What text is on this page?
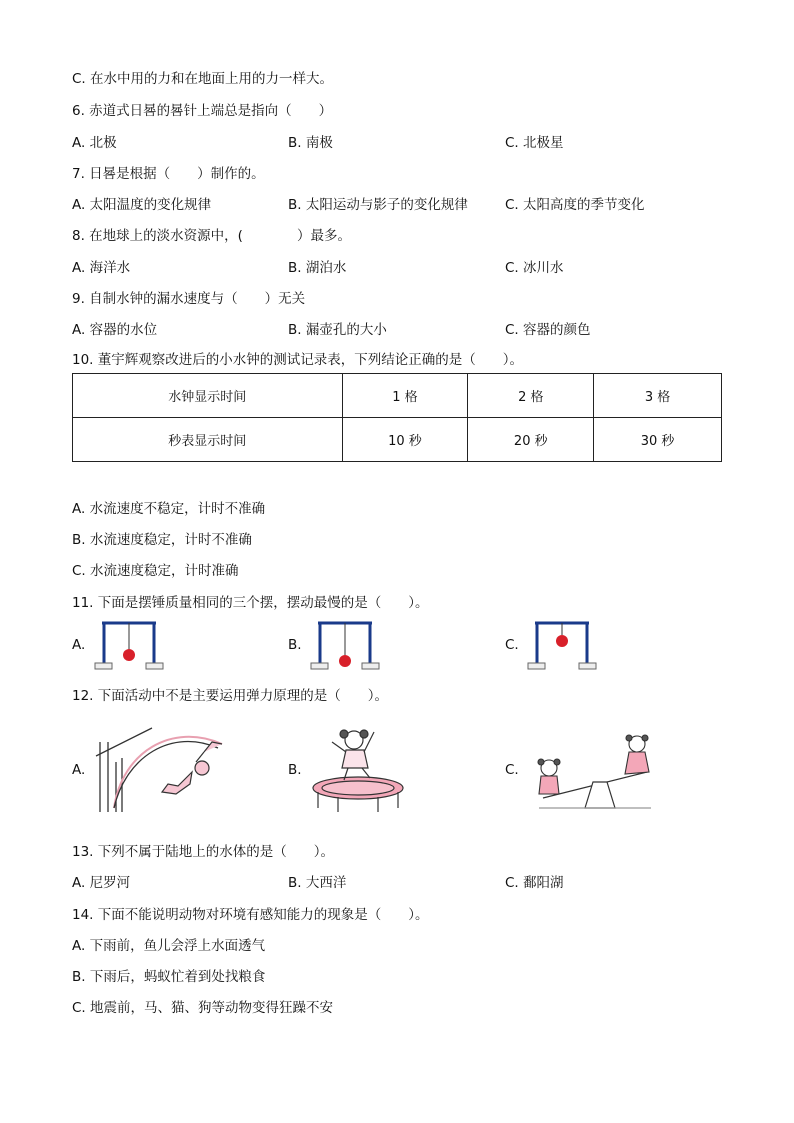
C. 在水中用的力和在地面上用的力一样大。
6. 赤道式日晷的晷针上端总是指向（　　）
A. 北极	B. 南极	C. 北极星
7. 日晷是根据（　　）制作的。
A. 太阳温度的变化规律	B. 太阳运动与影子的变化规律	C. 太阳高度的季节变化
8. 在地球上的淡水资源中，(　　　　）最多。
A. 海洋水	B. 湖泊水	C. 冰川水
9. 自制水钟的漏水速度与（　　）无关
A. 容器的水位	B. 漏壶孔的大小	C. 容器的颜色
10. 董宇辉观察改进后的小水钟的测试记录表，下列结论正确的是（　　）。
水钟显示时间	1 格	2 格	3 格
秒表显示时间	10 秒	20 秒	30 秒
A. 水流速度不稳定，计时不准确
B. 水流速度稳定，计时不准确
C. 水流速度稳定，计时准确
11. 下面是摆锤质量相同的三个摆，摆动最慢的是（　　）。
A.	B.	C.
12. 下面活动中不是主要运用弹力原理的是（　　）。
A.	B.	C.
13. 下列不属于陆地上的水体的是（　　）。
A. 尼罗河	B. 大西洋	C. 鄱阳湖
14. 下面不能说明动物对环境有感知能力的现象是（　　）。
A. 下雨前，鱼儿会浮上水面透气
B. 下雨后，蚂蚁忙着到处找粮食
C. 地震前，马、猫、狗等动物变得狂躁不安
